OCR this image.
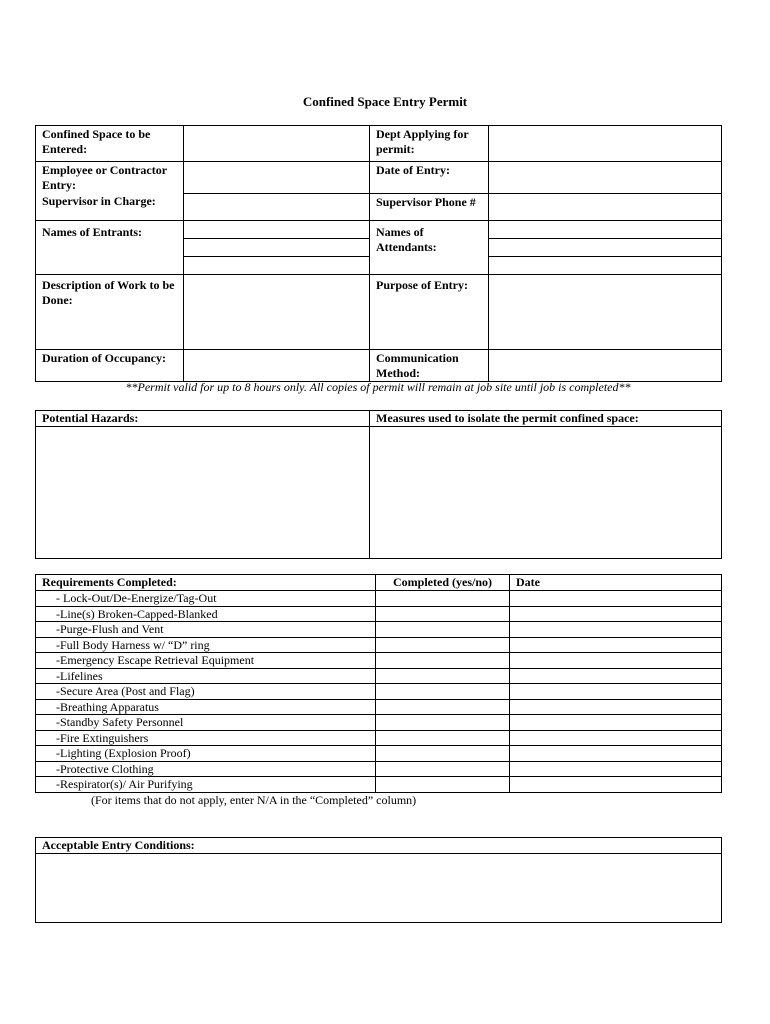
Confined Space Entry Permit
Confined Space to be Entered:		Dept Applying for permit:	
Employee or Contractor Entry:		Date of Entry:	
Supervisor in Charge:		Supervisor Phone #	
Names of Entrants:		Names of Attendants:	

Description of Work to be Done:		Purpose of Entry:	
Duration of Occupancy:		Communication Method:	
**Permit valid for up to 8 hours only. All copies of permit will remain at job site until job is completed**
Potential Hazards:	Measures used to isolate the permit confined space:

Requirements Completed:	Completed (yes/no)	Date
- Lock-Out/De-Energize/Tag-Out		
-Line(s) Broken-Capped-Blanked		
-Purge-Flush and Vent		
-Full Body Harness w/ “D” ring		
-Emergency Escape Retrieval Equipment		
-Lifelines		
-Secure Area (Post and Flag)		
-Breathing Apparatus		
-Standby Safety Personnel		
-Fire Extinguishers		
-Lighting (Explosion Proof)		
-Protective Clothing		
-Respirator(s)/ Air Purifying		
(For items that do not apply, enter N/A in the “Completed” column)
Acceptable Entry Conditions:
